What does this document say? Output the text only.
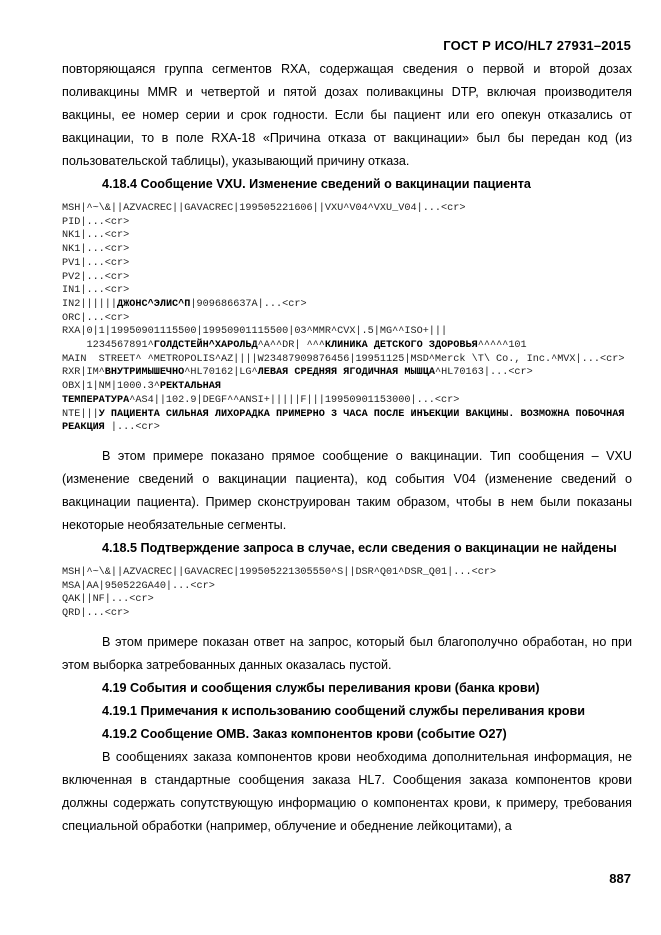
ГОСТ Р ИСО/HL7 27931–2015

повторяющаяся группа сегментов RXA, содержащая сведения о первой и второй дозах поливакцины MMR и четвертой и пятой дозах поливакцины DTP, включая производителя вакцины, ее номер серии и срок годности. Если бы пациент или его опекун отказались от вакцинации, то в поле RXA-18 «Причина отказа от вакцинации» был бы передан код (из пользовательской таблицы), указывающий причину отказа.

4.18.4 Сообщение VXU. Изменение сведений о вакцинации пациента
MSH|^~\&||AZVACREC||GAVACREC|199505221606||VXU^V04^VXU_V04|...<cr>
PID|...<cr>
NK1|...<cr>
NK1|...<cr>
PV1|...<cr>
PV2|...<cr>
IN1|...<cr>
IN2||||||ДЖОНС^ЭЛИС^П|909686637A|...<cr>
ORC|...<cr>
RXA|0|1|19950901115500|19950901115500|03^MMR^CVX|.5|MG^^ISO+|||
1234567891^ГОЛДСТЕЙН^ХАРОЛЬД^A^^DR| ^^^КЛИНИКА ДЕТСКОГО ЗДОРОВЬЯ^^^^^101
MAIN  STREET^ ^METROPOLIS^AZ||||W23487909876456|19951125|MSD^Merck \T\ Co., Inc.^MVX|...<cr>
RXR|IM^ВНУТРИМЫШЕЧНО^HL70162|LG^ЛЕВАЯ СРЕДНЯЯ ЯГОДИЧНАЯ МЫШЦА^HL70163|...<cr>
OBX|1|NM|1000.3^РЕКТАЛЬНАЯ
ТЕМПЕРАТУРА^AS4||102.9|DEGF^^ANSI+|||||F|||19950901153000|...<cr>
NTE|||У ПАЦИЕНТА СИЛЬНАЯ ЛИХОРАДКА ПРИМЕРНО 3 ЧАСА ПОСЛЕ ИНЪЕКЦИИ ВАКЦИНЫ. ВОЗМОЖНА ПОБОЧНАЯ РЕАКЦИЯ |...<cr>

В этом примере показано прямое сообщение о вакцинации. Тип сообщения – VXU (изменение сведений о вакцинации пациента), код события V04 (изменение сведений о вакцинации пациента). Пример сконструирован таким образом, чтобы в нем были показаны некоторые необязательные сегменты.

4.18.5 Подтверждение запроса в случае, если сведения о вакцинации не найдены
MSH|^~\&||AZVACREC||GAVACREC|199505221305550^S||DSR^Q01^DSR_Q01|...<cr>
MSA|AA|950522GA40|...<cr>
QAK||NF|...<cr>
QRD|...<cr>

В этом примере показан ответ на запрос, который был благополучно обработан, но при этом выборка затребованных данных оказалась пустой.

4.19 События и сообщения службы переливания крови (банка крови)
4.19.1 Примечания к использованию сообщений службы переливания крови
4.19.2 Сообщение OMB. Заказ компонентов крови (событие O27)

В сообщениях заказа компонентов крови необходима дополнительная информация, не включенная в стандартные сообщения заказа HL7. Сообщения заказа компонентов крови должны содержать сопутствующую информацию о компонентах крови, к примеру, требования специальной обработки (например, облучение и обеднение лейкоцитами), а

887
